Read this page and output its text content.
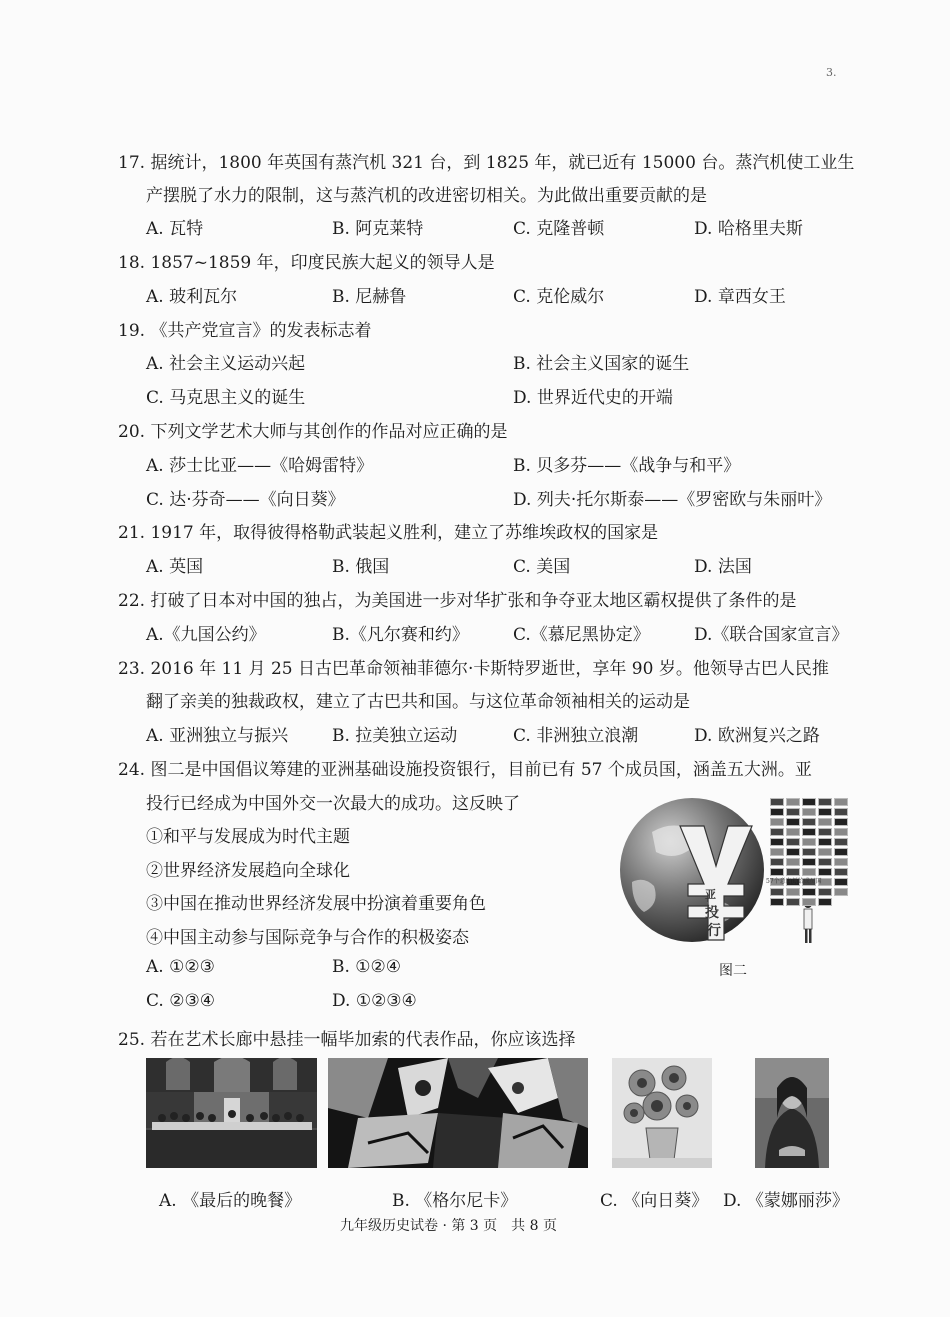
3.
17. 据统计，1800 年英国有蒸汽机 321 台，到 1825 年，就已近有 15000 台。蒸汽机使工业生
产摆脱了水力的限制，这与蒸汽机的改进密切相关。为此做出重要贡献的是
A. 瓦特	B. 阿克莱特	C. 克隆普顿	D. 哈格里夫斯
18. 1857~1859 年，印度民族大起义的领导人是
A. 玻利瓦尔	B. 尼赫鲁	C. 克伦威尔	D. 章西女王
19. 《共产党宣言》的发表标志着
A. 社会主义运动兴起	B. 社会主义国家的诞生
C. 马克思主义的诞生	D. 世界近代史的开端
20. 下列文学艺术大师与其创作的作品对应正确的是
A. 莎士比亚——《哈姆雷特》	B. 贝多芬——《战争与和平》
C. 达·芬奇——《向日葵》	D. 列夫·托尔斯泰——《罗密欧与朱丽叶》
21. 1917 年，取得彼得格勒武装起义胜利，建立了苏维埃政权的国家是
A. 英国	B. 俄国	C. 美国	D. 法国
22. 打破了日本对中国的独占，为美国进一步对华扩张和争夺亚太地区霸权提供了条件的是
A.《九国公约》	B.《凡尔赛和约》	C.《慕尼黑协定》	D.《联合国家宣言》
23. 2016 年 11 月 25 日古巴革命领袖菲德尔·卡斯特罗逝世，享年 90 岁。他领导古巴人民推
翻了亲美的独裁政权，建立了古巴共和国。与这位革命领袖相关的运动是
A. 亚洲独立与振兴	B. 拉美独立运动	C. 非洲独立浪潮	D. 欧洲复兴之路
24. 图二是中国倡议筹建的亚洲基础设施投资银行，目前已有 57 个成员国，涵盖五大洲。亚
投行已经成为中国外交一次最大的成功。这反映了
①和平与发展成为时代主题
②世界经济发展趋向全球化
③中国在推动世界经济发展中扮演着重要角色
④中国主动参与国际竞争与合作的积极姿态
A. ①②③	B. ①②④
C. ②③④	D. ①②③④
57个意向创始成员国
亚
投
行
图二
25. 若在艺术长廊中悬挂一幅毕加索的代表作品，你应该选择
A. 《最后的晚餐》	B. 《格尔尼卡》	C. 《向日葵》 D. 《蒙娜丽莎》
九年级历史试卷 · 第 3 页　共 8 页
